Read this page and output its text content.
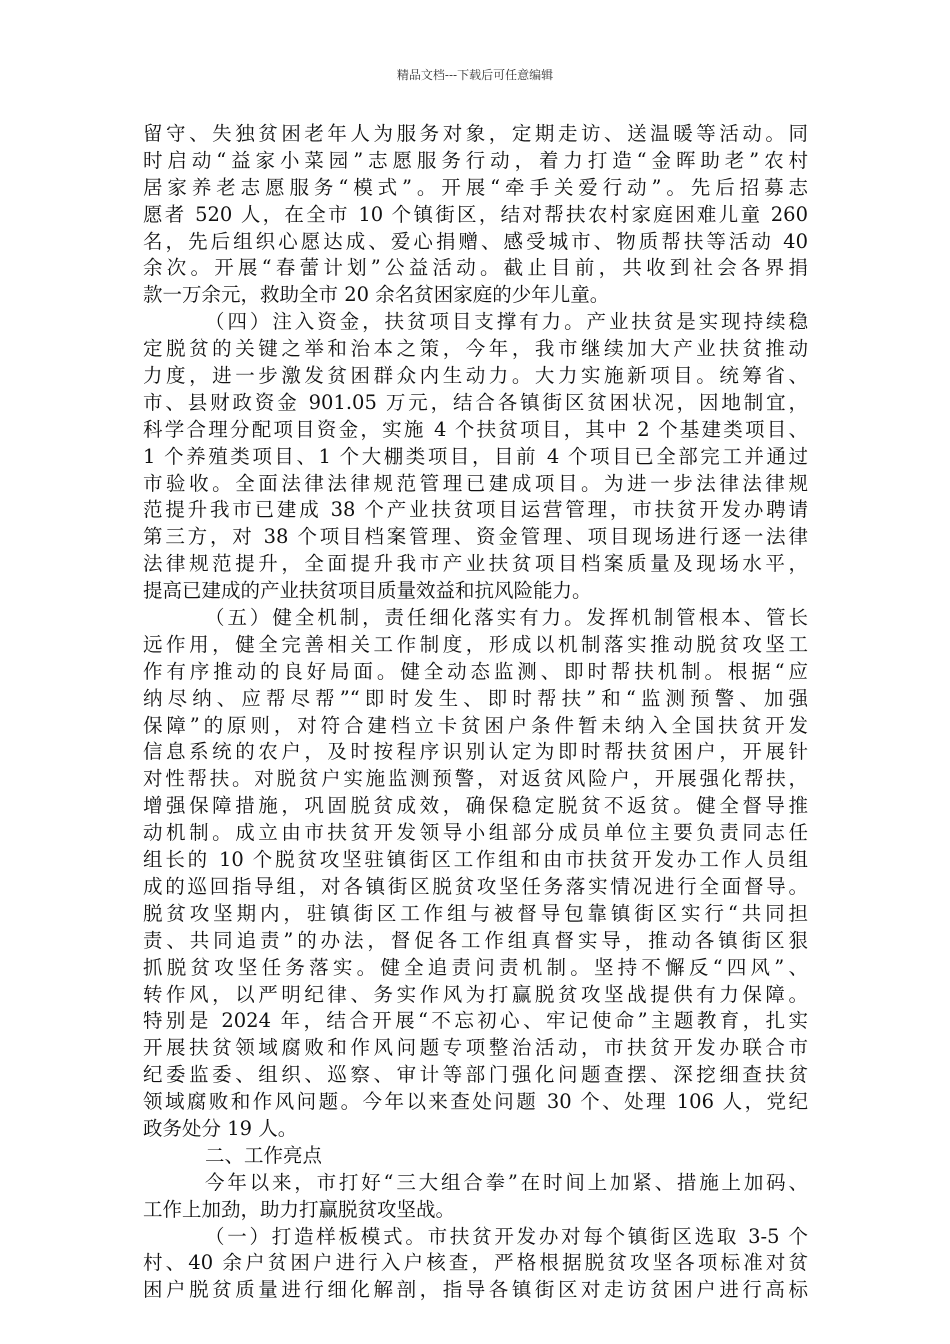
精品文档---下载后可任意编辑
留守、失独贫困老年人为服务对象，定期走访、送温暖等活动。同
时启动“益家小菜园”志愿服务行动，着力打造“金晖助老”农村
居家养老志愿服务“模式”。开展“牵手关爱行动”。先后招募志
愿者 520 人，在全市 10 个镇街区，结对帮扶农村家庭困难儿童 260
名，先后组织心愿达成、爱心捐赠、感受城市、物质帮扶等活动 40
余次。开展“春蕾计划”公益活动。截止目前，共收到社会各界捐
款一万余元，救助全市 20 余名贫困家庭的少年儿童。
（四）注入资金，扶贫项目支撑有力。产业扶贫是实现持续稳
定脱贫的关键之举和治本之策，今年，我市继续加大产业扶贫推动
力度，进一步激发贫困群众内生动力。大力实施新项目。统筹省、
市、县财政资金 901.05 万元，结合各镇街区贫困状况，因地制宜，
科学合理分配项目资金，实施 4 个扶贫项目，其中 2 个基建类项目、
1 个养殖类项目、1 个大棚类项目，目前 4 个项目已全部完工并通过
市验收。全面法律法律规范管理已建成项目。为进一步法律法律规
范提升我市已建成 38 个产业扶贫项目运营管理，市扶贫开发办聘请
第三方，对 38 个项目档案管理、资金管理、项目现场进行逐一法律
法律规范提升，全面提升我市产业扶贫项目档案质量及现场水平，
提高已建成的产业扶贫项目质量效益和抗风险能力。
（五）健全机制，责任细化落实有力。发挥机制管根本、管长
远作用，健全完善相关工作制度，形成以机制落实推动脱贫攻坚工
作有序推动的良好局面。健全动态监测、即时帮扶机制。根据“应
纳尽纳、应帮尽帮”“即时发生、即时帮扶”和“监测预警、加强
保障”的原则，对符合建档立卡贫困户条件暂未纳入全国扶贫开发
信息系统的农户，及时按程序识别认定为即时帮扶贫困户，开展针
对性帮扶。对脱贫户实施监测预警，对返贫风险户，开展强化帮扶，
增强保障措施，巩固脱贫成效，确保稳定脱贫不返贫。健全督导推
动机制。成立由市扶贫开发领导小组部分成员单位主要负责同志任
组长的 10 个脱贫攻坚驻镇街区工作组和由市扶贫开发办工作人员组
成的巡回指导组，对各镇街区脱贫攻坚任务落实情况进行全面督导。
脱贫攻坚期内，驻镇街区工作组与被督导包靠镇街区实行“共同担
责、共同追责”的办法，督促各工作组真督实导，推动各镇街区狠
抓脱贫攻坚任务落实。健全追责问责机制。坚持不懈反“四风”、
转作风，以严明纪律、务实作风为打赢脱贫攻坚战提供有力保障。
特别是 2024 年，结合开展“不忘初心、牢记使命”主题教育，扎实
开展扶贫领域腐败和作风问题专项整治活动，市扶贫开发办联合市
纪委监委、组织、巡察、审计等部门强化问题查摆、深挖细查扶贫
领域腐败和作风问题。今年以来查处问题 30 个、处理 106 人，党纪
政务处分 19 人。
二、工作亮点
今年以来，市打好“三大组合拳”在时间上加紧、措施上加码、
工作上加劲，助力打赢脱贫攻坚战。
（一）打造样板模式。市扶贫开发办对每个镇街区选取 3-5 个
村、40 余户贫困户进行入户核查，严格根据脱贫攻坚各项标准对贫
困户脱贫质量进行细化解剖，指导各镇街区对走访贫困户进行高标
